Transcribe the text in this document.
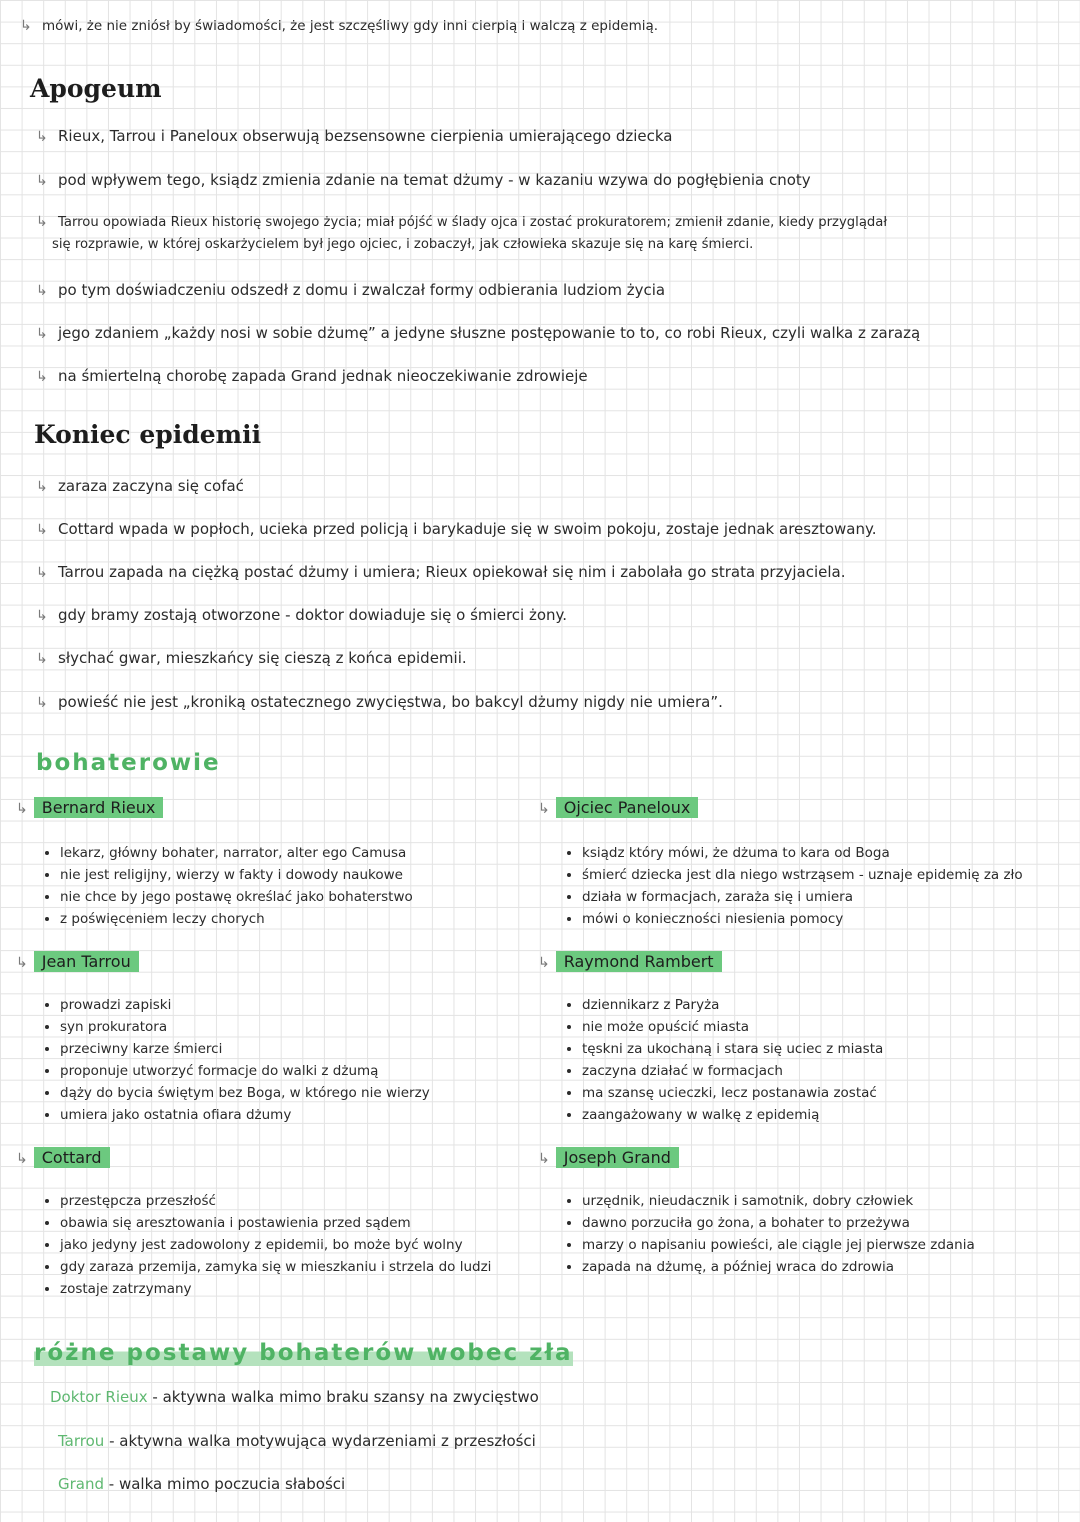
↳ mówi, że nie zniósł by świadomości, że jest szczęśliwy gdy inni cierpią i walczą z epidemią.
Apogeum
↳ Rieux, Tarrou i Paneloux obserwują bezsensowne cierpienia umierającego dziecka
↳ pod wpływem tego, ksiądz zmienia zdanie na temat dżumy - w kazaniu wzywa do pogłębienia cnoty
↳ Tarrou opowiada Rieux historię swojego życia; miał pójść w ślady ojca i zostać prokuratorem; zmienił zdanie, kiedy przyglądał
się rozprawie, w której oskarżycielem był jego ojciec, i zobaczył, jak człowieka skazuje się na karę śmierci.
↳ po tym doświadczeniu odszedł z domu i zwalczał formy odbierania ludziom życia
↳ jego zdaniem „każdy nosi w sobie dżumę” a jedyne słuszne postępowanie to to, co robi Rieux, czyli walka z zarazą
↳ na śmiertelną chorobę zapada Grand jednak nieoczekiwanie zdrowieje
Koniec epidemii
↳ zaraza zaczyna się cofać
↳ Cottard wpada w popłoch, ucieka przed policją i barykaduje się w swoim pokoju, zostaje jednak aresztowany.
↳ Tarrou zapada na ciężką postać dżumy i umiera; Rieux opiekował się nim i zabolała go strata przyjaciela.
↳ gdy bramy zostają otworzone - doktor dowiaduje się o śmierci żony.
↳ słychać gwar, mieszkańcy się cieszą z końca epidemii.
↳ powieść nie jest „kroniką ostatecznego zwycięstwa, bo bakcyl dżumy nigdy nie umiera”.
bohaterowie
↳ Bernard Rieux
• lekarz, główny bohater, narrator, alter ego Camusa
• nie jest religijny, wierzy w fakty i dowody naukowe
• nie chce by jego postawę określać jako bohaterstwo
• z poświęceniem leczy chorych
↳ Ojciec Paneloux
• ksiądz który mówi, że dżuma to kara od Boga
• śmierć dziecka jest dla niego wstrząsem - uznaje epidemię za zło
• działa w formacjach, zaraża się i umiera
• mówi o konieczności niesienia pomocy
↳ Jean Tarrou
• prowadzi zapiski
• syn prokuratora
• przeciwny karze śmierci
• proponuje utworzyć formacje do walki z dżumą
• dąży do bycia świętym bez Boga, w którego nie wierzy
• umiera jako ostatnia ofiara dżumy
↳ Raymond Rambert
• dziennikarz z Paryża
• nie może opuścić miasta
• tęskni za ukochaną i stara się uciec z miasta
• zaczyna działać w formacjach
• ma szansę ucieczki, lecz postanawia zostać
• zaangażowany w walkę z epidemią
↳ Cottard
• przestępcza przeszłość
• obawia się aresztowania i postawienia przed sądem
• jako jedyny jest zadowolony z epidemii, bo może być wolny
• gdy zaraza przemija, zamyka się w mieszkaniu i strzela do ludzi
• zostaje zatrzymany
↳ Joseph Grand
• urzędnik, nieudacznik i samotnik, dobry człowiek
• dawno porzuciła go żona, a bohater to przeżywa
• marzy o napisaniu powieści, ale ciągle jej pierwsze zdania
• zapada na dżumę, a później wraca do zdrowia
różne postawy bohaterów wobec zła
Doktor Rieux - aktywna walka mimo braku szansy na zwycięstwo
Tarrou - aktywna walka motywująca wydarzeniami z przeszłości
Grand - walka mimo poczucia słabości
